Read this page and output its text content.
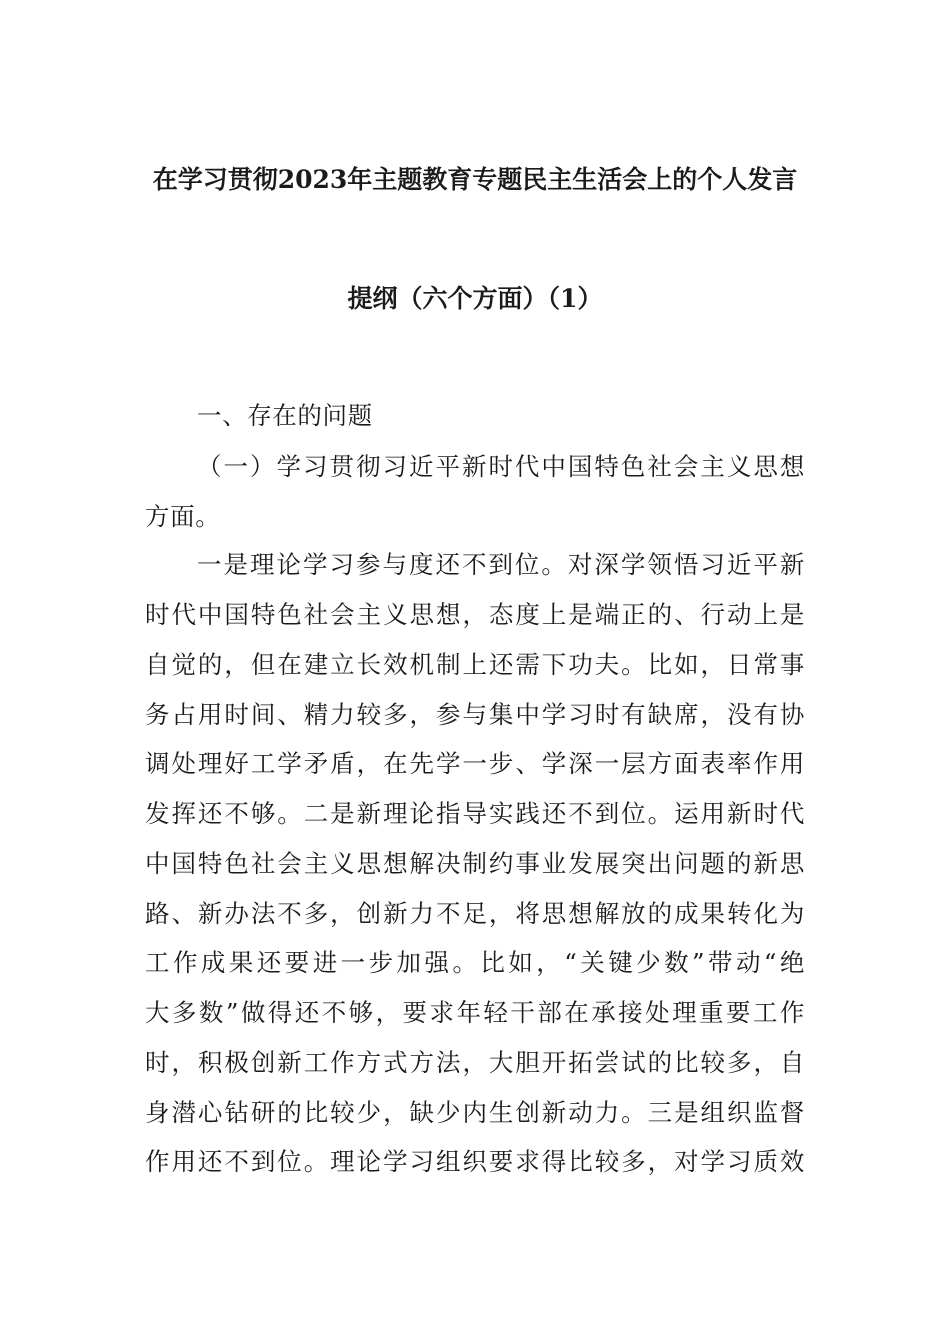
在学习贯彻2023年主题教育专题民主生活会上的个人发言
提纲（六个方面）（1）
一、存在的问题
（一）学习贯彻习近平新时代中国特色社会主义思想
方面。
一是理论学习参与度还不到位。对深学领悟习近平新
时代中国特色社会主义思想，态度上是端正的、行动上是
自觉的，但在建立长效机制上还需下功夫。比如，日常事
务占用时间、精力较多，参与集中学习时有缺席，没有协
调处理好工学矛盾，在先学一步、学深一层方面表率作用
发挥还不够。二是新理论指导实践还不到位。运用新时代
中国特色社会主义思想解决制约事业发展突出问题的新思
路、新办法不多，创新力不足，将思想解放的成果转化为
工作成果还要进一步加强。比如，“关键少数”带动“绝
大多数”做得还不够，要求年轻干部在承接处理重要工作
时，积极创新工作方式方法，大胆开拓尝试的比较多，自
身潜心钻研的比较少，缺少内生创新动力。三是组织监督
作用还不到位。理论学习组织要求得比较多，对学习质效
